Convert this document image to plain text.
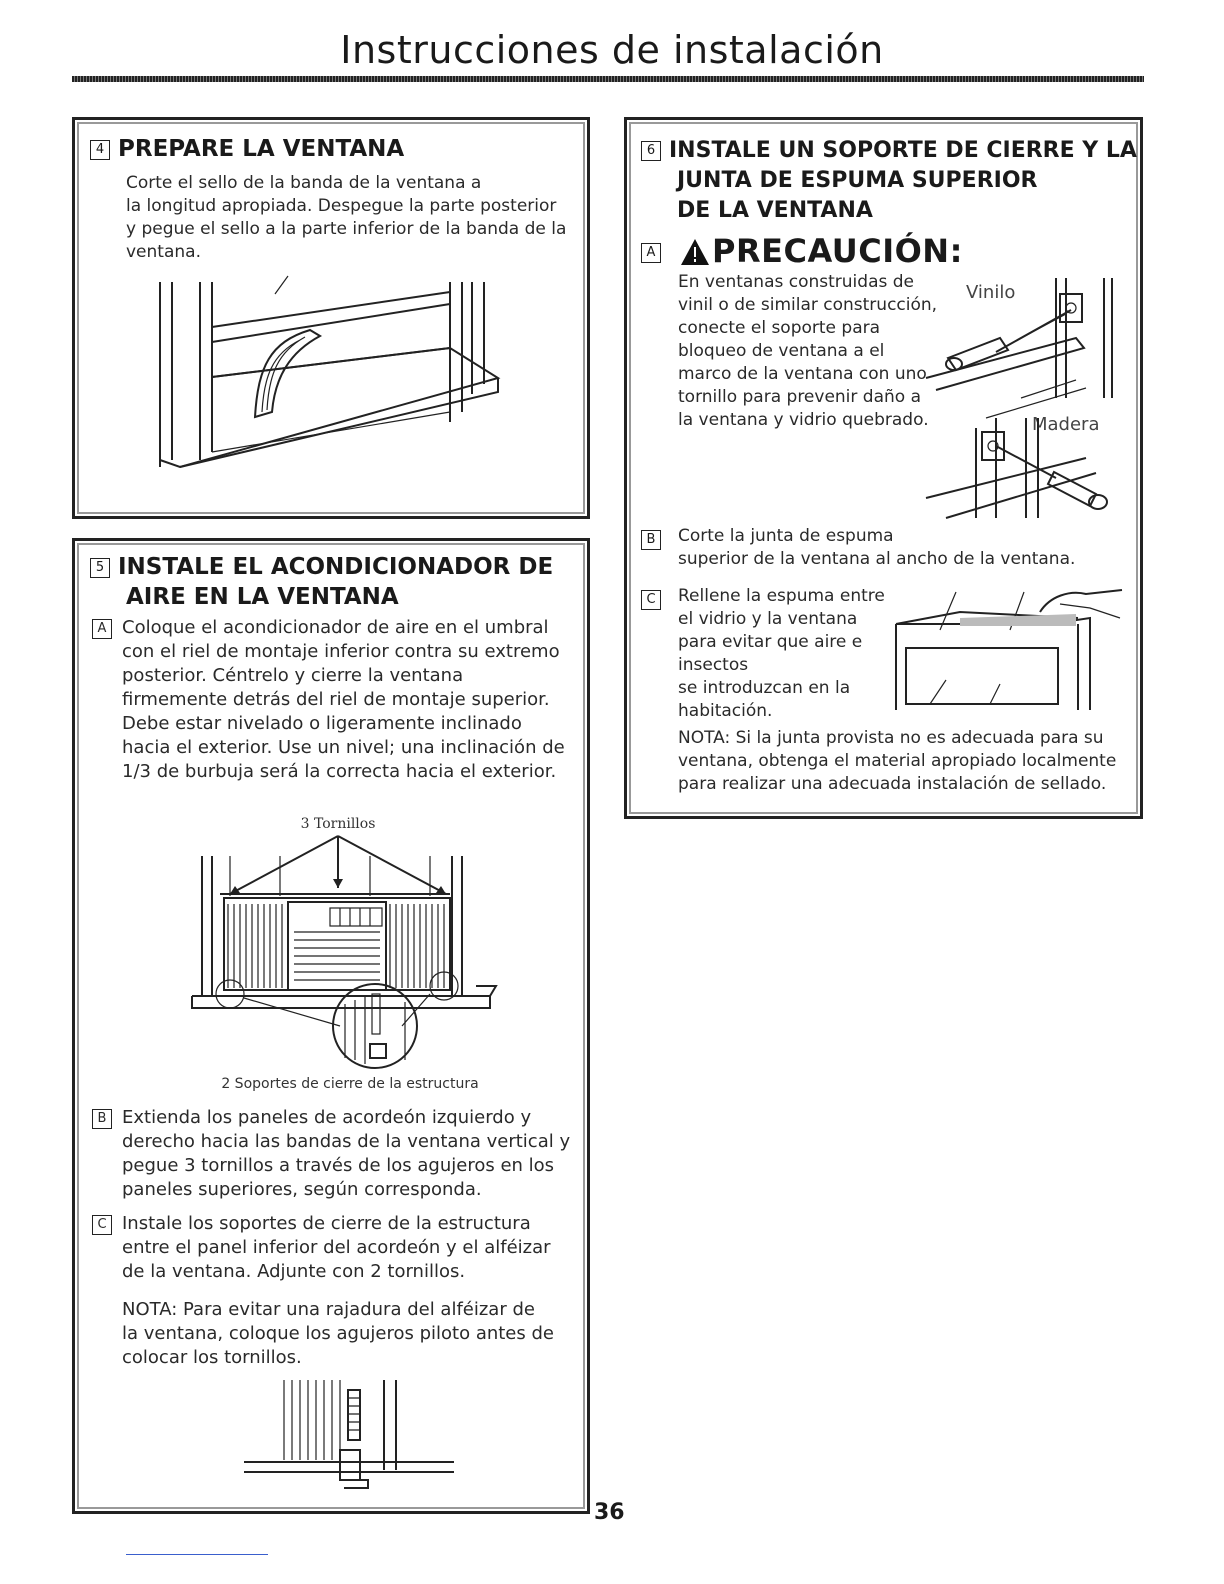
Instrucciones de instalación
4 PREPARE LA VENTANA
Corte el sello de la banda de la ventana a
la longitud apropiada. Despegue la parte posterior
y pegue el sello a la parte inferior de la banda de la
ventana.
5 INSTALE EL ACONDICIONADOR DE
AIRE EN LA VENTANA
A Coloque el acondicionador de aire en el umbral
con el riel de montaje inferior contra su extremo
posterior. Céntrelo y cierre la ventana
firmemente detrás del riel de montaje superior.
Debe estar nivelado o ligeramente inclinado
hacia el exterior. Use un nivel; una inclinación de
1/3 de burbuja será la correcta hacia el exterior.
3 Tornillos
2 Soportes de cierre de la estructura
B Extienda los paneles de acordeón izquierdo y
derecho hacia las bandas de la ventana vertical y
pegue 3 tornillos a través de los agujeros en los
paneles superiores, según corresponda.
C Instale los soportes de cierre de la estructura
entre el panel inferior del acordeón y el alféizar
de la ventana. Adjunte con 2 tornillos.
NOTA: Para evitar una rajadura del alféizar de
la ventana, coloque los agujeros piloto antes de
colocar los tornillos.
6 INSTALE UN SOPORTE DE CIERRE Y LA
JUNTA DE ESPUMA SUPERIOR
DE LA VENTANA
A PRECAUCIÓN:
En ventanas construidas de
vinil o de similar construcción,
conecte el soporte para
bloqueo de ventana a el
marco de la ventana con uno
tornillo para prevenir daño a
la ventana y vidrio quebrado.
Vinilo
Madera
B	Corte la junta de espuma
superior de la ventana al ancho de la ventana.
C	Rellene la espuma entre
el vidrio y la ventana
para evitar que aire e
insectos
se introduzcan en la
habitación.
NOTA: Si la junta provista no es adecuada para su
ventana, obtenga el material apropiado localmente
para realizar una adecuada instalación de sellado.
36
